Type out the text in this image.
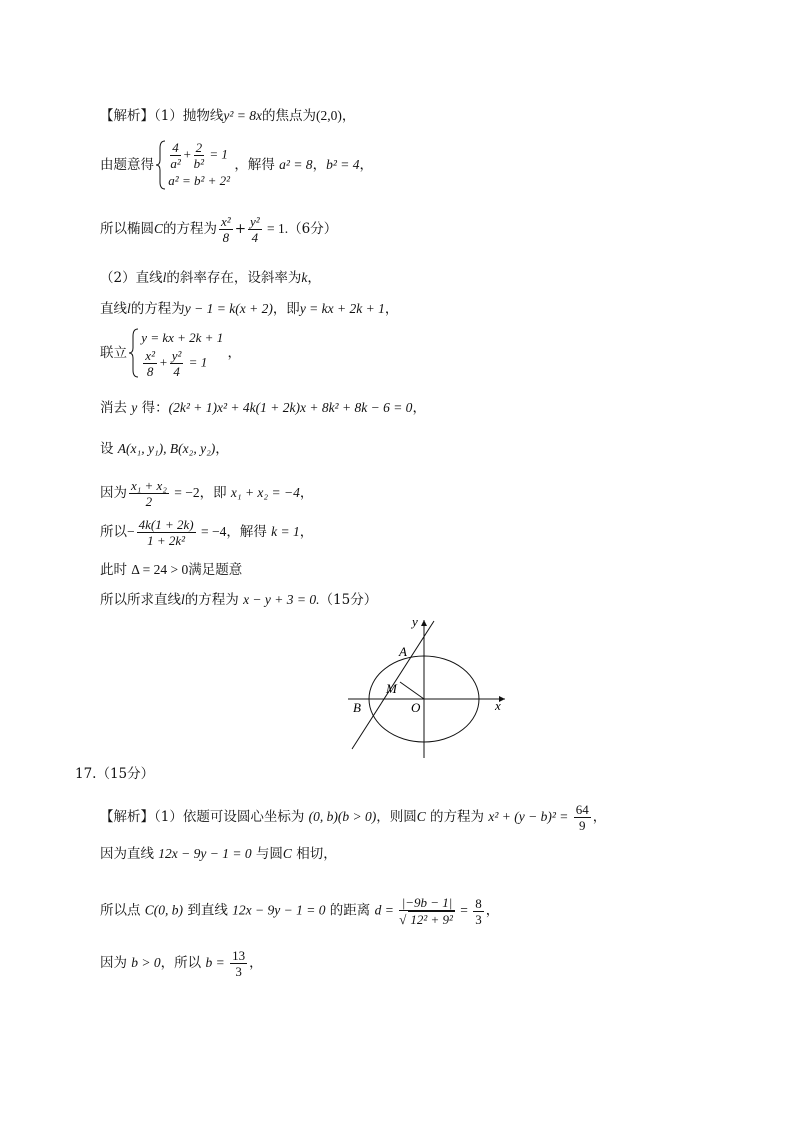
【解析】（1）抛物线y² = 8x的焦点为(2,0)，
由题意得 $\frac{4}{\text{a²}} + \frac{2}{\text{b²}} = 1$
a² = b² + 2²
，解得 a² = 8，b² = 4，
所以椭圆C的方程为 $\frac{\text{x²}}{8} + \frac{\text{y²}}{4} = 1.(6$分）
（2）直线l的斜率存在，设斜率为k，
直线l的方程为y − 1 = k(x + 2)，即y = kx + 2k + 1，
联立
y = kx + 2k + 1
$\frac{\text{x²}}{8} + \frac{\text{y²}}{4} = 1$
，
消去 y 得：(2k² + 1)x² + 4k(1 + 2k)x + 8k² + 8k − 6 = 0，
设 A(x₁, y₁), B(x₂, y₂)，
因为 $\frac{\text{x₁ + x₂}}{2} = -2$，即 x₁ + x₂ = −4，
所以− $\frac{4k(1 + 2k)}{\text{1 + 2k²}} = -4$，解得 k = 1，
此时 Δ = 24 > 0满足题意
所以所求直线l的方程为 x − y + 3 = 0.（15分）
y
x
A
B
M
O
17.（15分）
【解析】（1）依题可设圆心坐标为 (0, b)(b > 0)，则圆C 的方程为 $x^2 + (y - b)^2 = \frac{64}{9}$ ，
因为直线 12x − 9y − 1 = 0 与圆C 相切，
所以点 C(0, b) 到直线 12x − 9y − 1 = 0 的距离 $d = \frac{|-9b - 1|}{\text{√ 12² + 9²}} = \frac{8}{3}$ ，
因为 b > 0，所以 $b = \frac{13}{3}$ ，
